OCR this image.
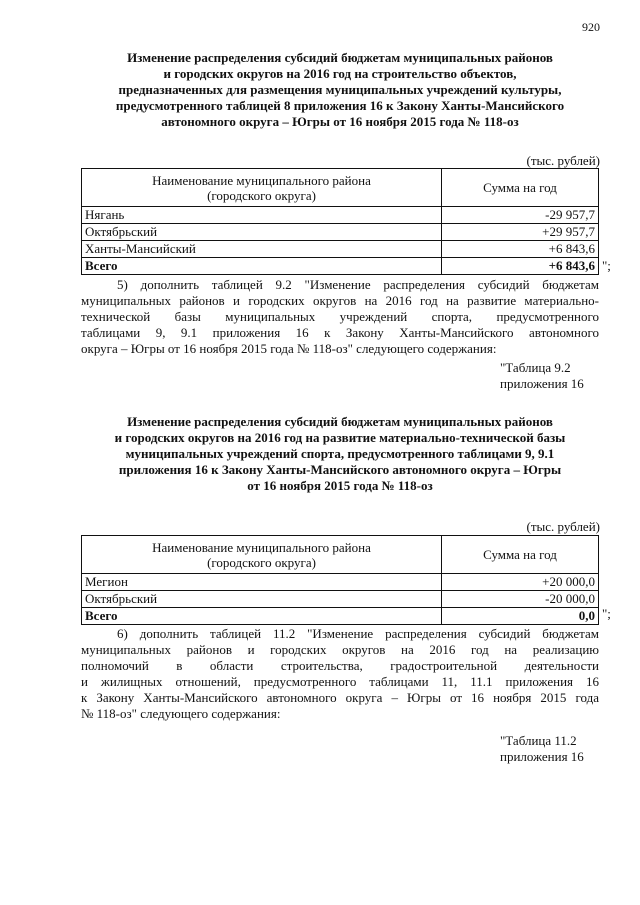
920
Изменение распределения субсидий бюджетам муниципальных районов
и городских округов на 2016 год на строительство объектов,
предназначенных для размещения муниципальных учреждений культуры,
предусмотренного таблицей 8 приложения 16 к Закону Ханты-Мансийского
автономного округа – Югры от 16 ноября 2015 года № 118-оз
(тыс. рублей)
Наименование муниципального района
(городского округа)	Сумма на год
Нягань	-29 957,7
Октябрьский	+29 957,7
Ханты-Мансийский	+6 843,6
Всего	+6 843,6 ";
5) дополнить таблицей 9.2 "Изменение распределения субсидий бюджетам
муниципальных районов и городских округов на 2016 год на развитие материально-
технической базы муниципальных учреждений спорта, предусмотренного
таблицами 9, 9.1 приложения 16 к Закону Ханты-Мансийского автономного
округа – Югры от 16 ноября 2015 года № 118-оз" следующего содержания:
"Таблица 9.2
приложения 16
Изменение распределения субсидий бюджетам муниципальных районов
и городских округов на 2016 год на развитие материально-технической базы
муниципальных учреждений спорта, предусмотренного таблицами 9, 9.1
приложения 16 к Закону Ханты-Мансийского автономного округа – Югры
от 16 ноября 2015 года № 118-оз
(тыс. рублей)
Наименование муниципального района
(городского округа)	Сумма на год
Мегион	+20 000,0
Октябрьский	-20 000,0
Всего	0,0 ";
6) дополнить таблицей 11.2 "Изменение распределения субсидий бюджетам
муниципальных районов и городских округов на 2016 год на реализацию
полномочий в области строительства, градостроительной деятельности
и жилищных отношений, предусмотренного таблицами 11, 11.1 приложения 16
к Закону Ханты-Мансийского автономного округа – Югры от 16 ноября 2015 года
№ 118-оз" следующего содержания:
"Таблица 11.2
приложения 16
